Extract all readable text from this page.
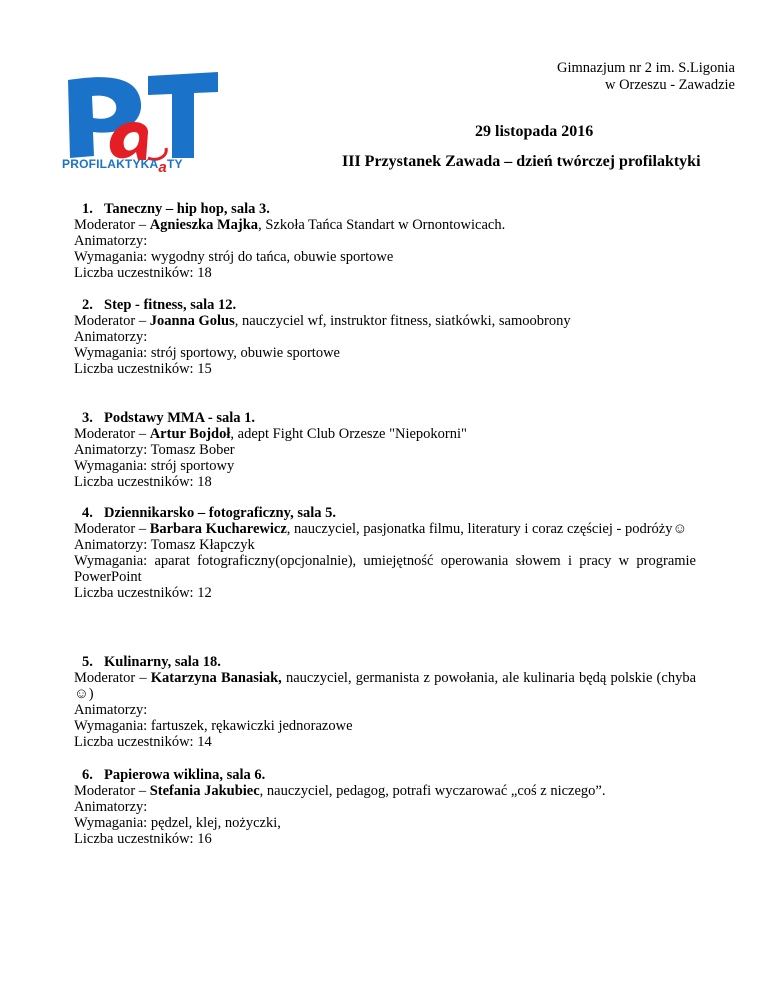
PROFILAKTYKAaTY
Gimnazjum nr 2 im. S.Ligonia
w Orzeszu - Zawadzie
29 listopada 2016
III Przystanek Zawada – dzień twórczej profilaktyki
1. Taneczny – hip hop, sala 3.
Moderator – Agnieszka Majka, Szkoła Tańca Standart w Ornontowicach.
Animatorzy:
Wymagania: wygodny strój do tańca, obuwie sportowe
Liczba uczestników: 18
2. Step - fitness, sala 12.
Moderator – Joanna Golus, nauczyciel wf, instruktor fitness, siatkówki, samoobrony
Animatorzy:
Wymagania: strój sportowy, obuwie sportowe
Liczba uczestników: 15
3. Podstawy MMA - sala 1.
Moderator – Artur Bojdoł, adept Fight Club Orzesze "Niepokorni"
Animatorzy: Tomasz Bober
Wymagania: strój sportowy
Liczba uczestników: 18
4. Dziennikarsko – fotograficzny, sala 5.
Moderator – Barbara Kucharewicz, nauczyciel, pasjonatka filmu, literatury i coraz częściej - podróży☺
Animatorzy: Tomasz Kłapczyk
Wymagania: aparat fotograficzny(opcjonalnie), umiejętność operowania słowem i pracy w programie PowerPoint
Liczba uczestników: 12
5. Kulinarny, sala 18.
Moderator – Katarzyna Banasiak, nauczyciel, germanista z powołania, ale kulinaria będą polskie (chyba ☺)
Animatorzy:
Wymagania: fartuszek, rękawiczki jednorazowe
Liczba uczestników: 14
6. Papierowa wiklina, sala 6.
Moderator – Stefania Jakubiec, nauczyciel, pedagog, potrafi wyczarować „coś z niczego”.
Animatorzy:
Wymagania: pędzel, klej, nożyczki,
Liczba uczestników: 16
